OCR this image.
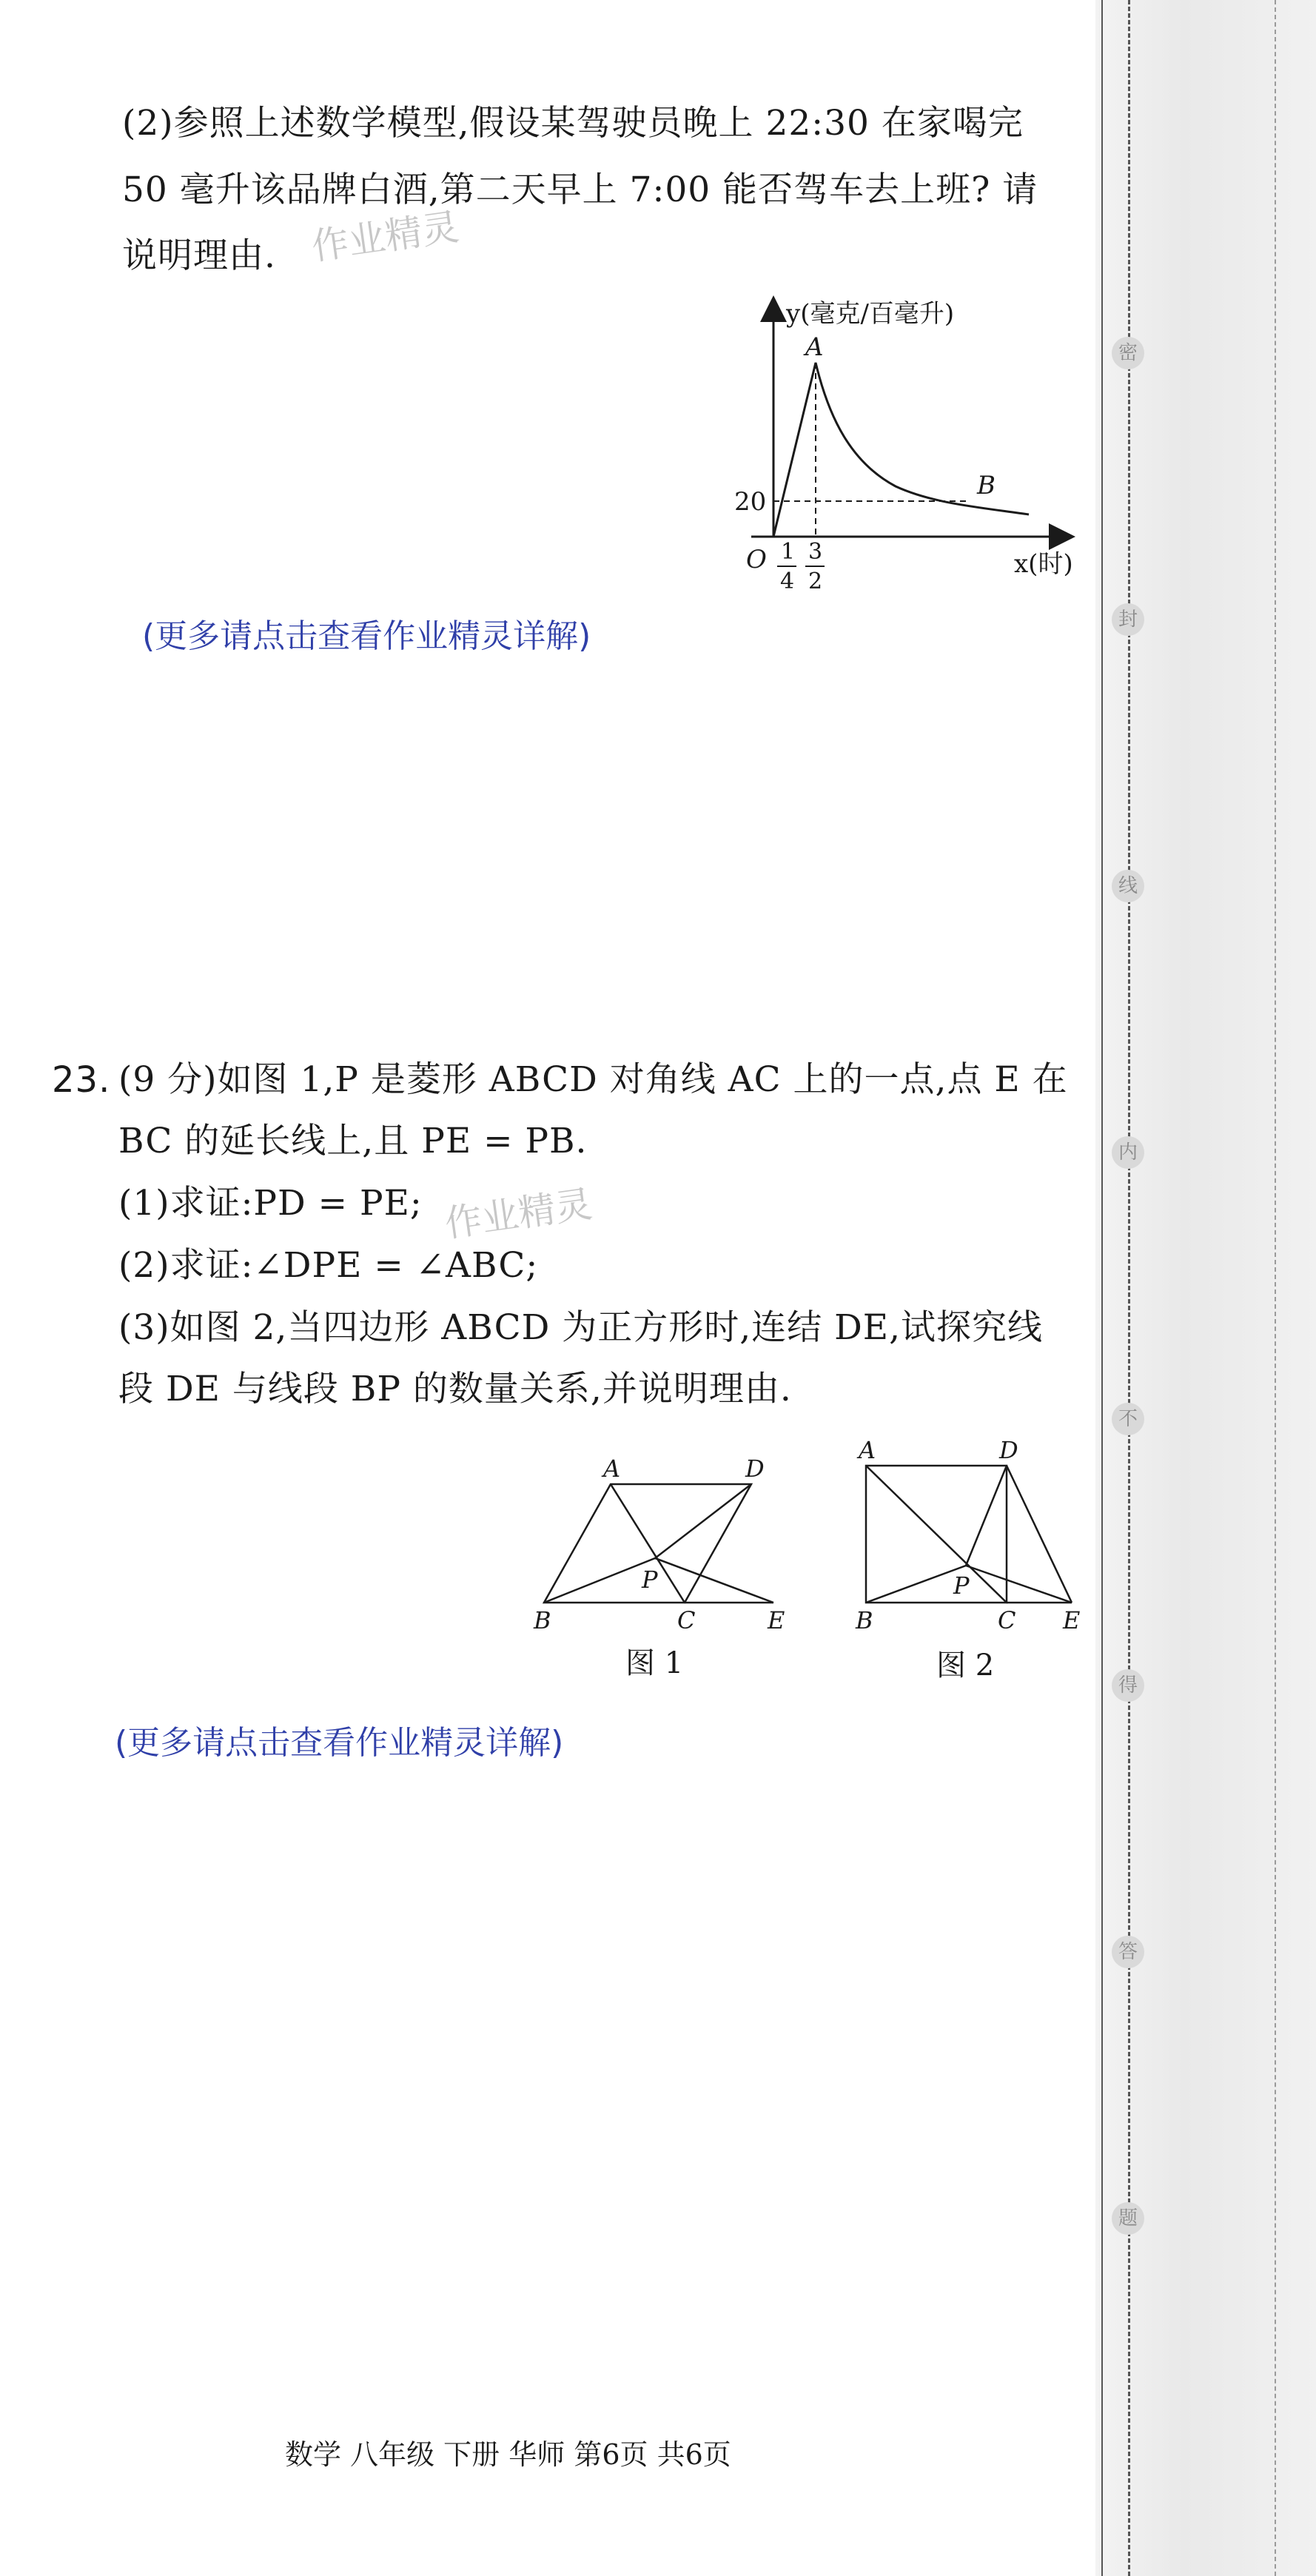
(2)参照上述数学模型,假设某驾驶员晚上 22:30 在家喝完
50 毫升该品牌白酒,第二天早上 7:00 能否驾车去上班? 请
说明理由. 作业精灵
y(毫克/百毫升)
A
B
20
O 1
4
3
2
x(时)
(更多请点击查看作业精灵详解)
23. (9 分)如图 1,P 是菱形 ABCD 对角线 AC 上的一点,点 E 在
BC 的延长线上,且 PE = PB.
(1)求证:PD = PE; 作业精灵
(2)求证:∠DPE = ∠ABC;
(3)如图 2,当四边形 ABCD 为正方形时,连结 DE,试探究线
段 DE 与线段 BP 的数量关系,并说明理由.
A	D
P
B	C	E
图 1
A	D
P
B	C E
图 2
(更多请点击查看作业精灵详解)
数学 八年级 下册 华师 第6页 共6页
密
封
线
内
不
得
答
题
